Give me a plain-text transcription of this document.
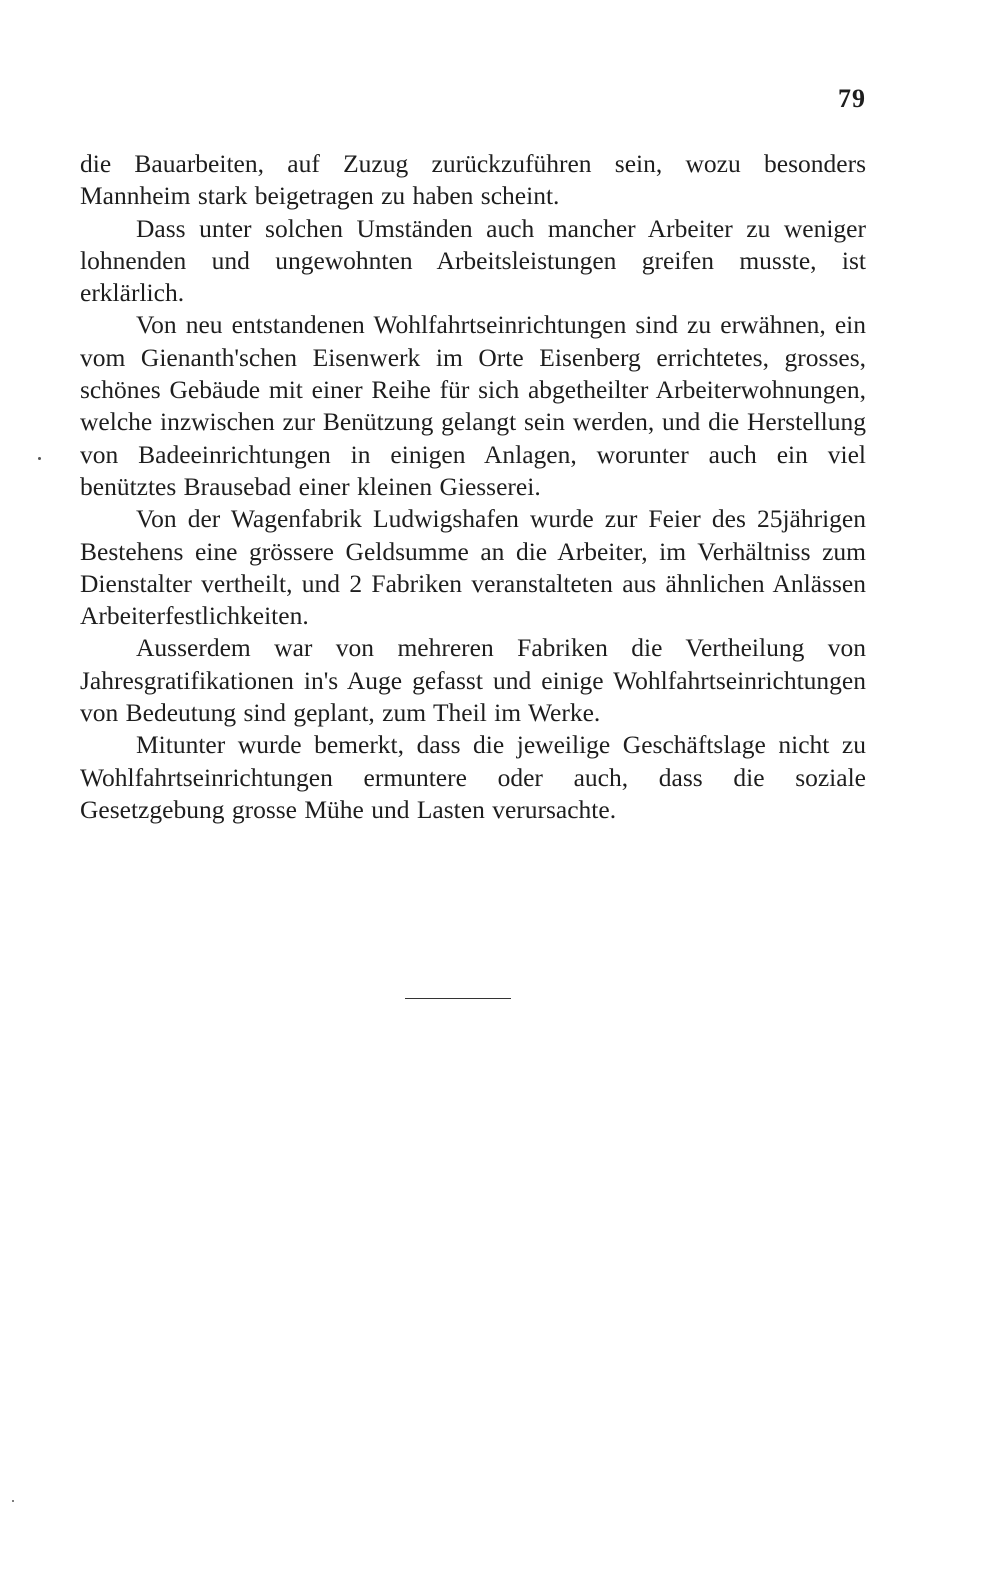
79

die Bauarbeiten, auf Zuzug zurückzuführen sein, wozu besonders Mannheim stark beigetragen zu haben scheint.

Dass unter solchen Umständen auch mancher Arbeiter zu weniger lohnenden und ungewohnten Arbeitsleistungen greifen musste, ist erklärlich.

Von neu entstandenen Wohlfahrtseinrichtungen sind zu erwähnen, ein vom Gienanth'schen Eisenwerk im Orte Eisenberg errichtetes, grosses, schönes Gebäude mit einer Reihe für sich abgetheilter Arbeiterwohnungen, welche inzwischen zur Benützung gelangt sein werden, und die Herstellung von Badeeinrichtungen in einigen Anlagen, worunter auch ein viel benütztes Brausebad einer kleinen Giesserei.

Von der Wagenfabrik Ludwigshafen wurde zur Feier des 25jährigen Bestehens eine grössere Geldsumme an die Arbeiter, im Verhältniss zum Dienstalter vertheilt, und 2 Fabriken veranstalteten aus ähnlichen Anlässen Arbeiterfestlichkeiten.

Ausserdem war von mehreren Fabriken die Vertheilung von Jahresgratifikationen in's Auge gefasst und einige Wohlfahrtseinrichtungen von Bedeutung sind geplant, zum Theil im Werke.

Mitunter wurde bemerkt, dass die jeweilige Geschäftslage nicht zu Wohlfahrtseinrichtungen ermuntere oder auch, dass die soziale Gesetzgebung grosse Mühe und Lasten verursachte.
